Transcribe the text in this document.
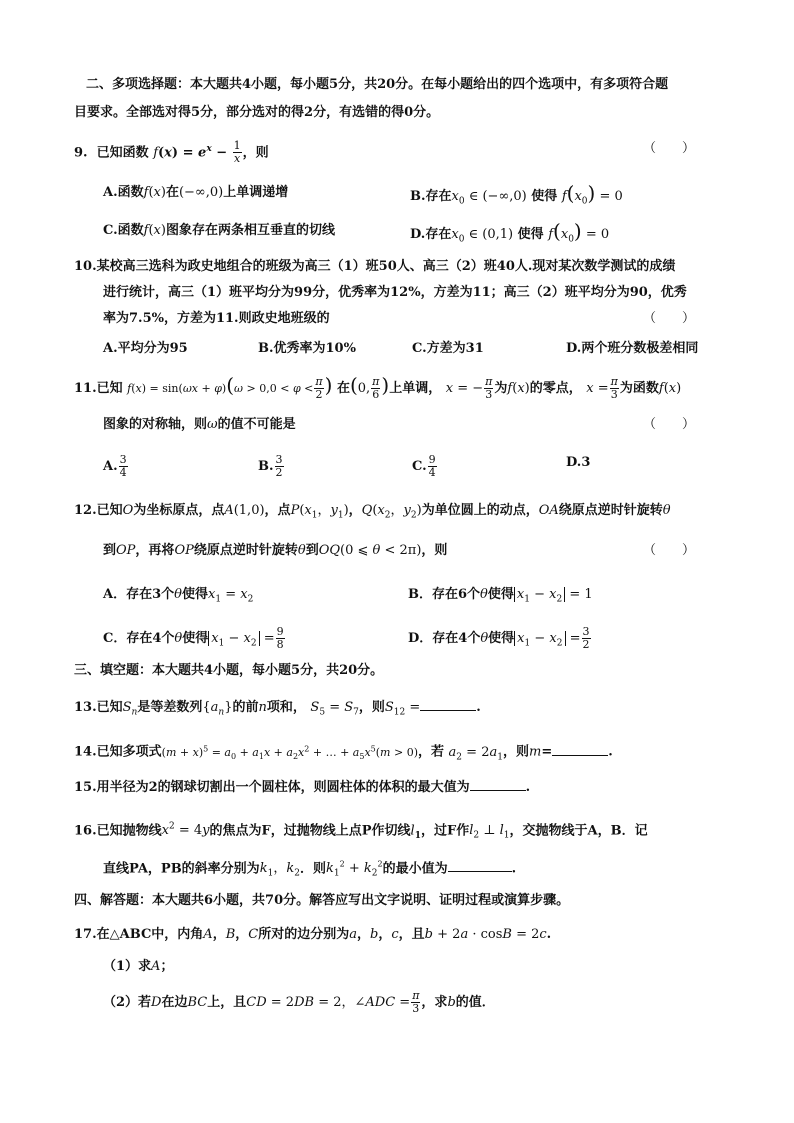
二、多项选择题：本大题共4小题，每小题5分，共20分。在每小题给出的四个选项中，有多项符合题
目要求。全部选对得5分，部分选对的得2分，有选错的得0分。
9. 已知函数 $f(x) = e^x - \frac{1}{x}$ ，则	（　　）
A.函数f(x)在(−∞,0)上单调递增	B.存在$x_0$ ∈ (−∞,0) 使得 $f(x_0) = 0$
C.函数f(x)图象存在两条相互垂直的切线	D.存在$x_0$ ∈ (0,1) 使得 $f(x_0) = 0$
10.某校高三选科为政史地组合的班级为高三（1）班50人、高三（2）班40人.现对某次数学测试的成绩
进行统计，高三（1）班平均分为99分，优秀率为12%，方差为11；高三（2）班平均分为90，优秀
率为7.5%，方差为11.则政史地班级的	（　　）
A.平均分为95	B.优秀率为10%	C.方差为31	D.两个班分数极差相同
11.已知 $f(x) = \sin(\omega x + \varphi)(\omega > 0,0 < \varphi < \frac{\pi}{2}$ ) 在(0, $\frac{\pi}{6}$ )上单调， x = − $\frac{\pi}{3}$ 为f(x)的零点， $x = \frac{\pi}{3}$ 为函数f(x)
图象的对称轴，则ω的值不可能是	（　　）
A. $\frac{3}{4}$	B. $\frac{3}{2}$	C. $\frac{9}{4}$	D.3
12.已知O为坐标原点，点A(1,0)，点$P(x_1$，$y_1$)，$Q(x_2$，$y_2$)为单位圆上的动点，OA绕原点逆时针旋转θ
到OP，再将OP绕原点逆时针旋转θ到OQ(0 ⩽ θ < 2π)，则	（　　）
A．存在3个θ使得$x_1 = x_2$	B．存在6个θ使得 $x_1 - x_2 = 1$
C．存在4个θ使得 $x_1 - x_2 = \frac{9}{8}$	D．存在4个θ使得 $x_1 - x_2 = \frac{3}{2}$
三、填空题：本大题共4小题，每小题5分，共20分。
13.已知$S_n$是等差数列$\{a_n\}$的前n项和， $S_5 = S_7$，则$S_{12}$ =	.
14.已知多项式$(m + x)^5 = a_0 + a_1x + a_2x^2$ + … + $a_5x^5(m > 0)$，若 $a_2 = 2a_1$，则m=	.
15.用半径为2的钢球切割出一个圆柱体，则圆柱体的体积的最大值为	.
16.已知抛物线$x^2 = 4y$的焦点为F，过抛物线上点P作切线$l_1$，过F作$l_2$ ⊥ $l_1$，交抛物线于A，B．记
直线PA，PB的斜率分别为$k_1$，$k_2$．则$k_1^2 + k_2^2$的最小值为	.
四、解答题：本大题共6小题，共70分。解答应写出文字说明、证明过程或演算步骤。
17.在△ABC中，内角A，B，C所对的边分别为a，b，c，且b + 2a · cosB = 2c.
（1）求A；
（2）若D在边BC上，且CD = 2DB = 2，∠ADC = $\frac{\pi}{3}$ ，求b的值．
